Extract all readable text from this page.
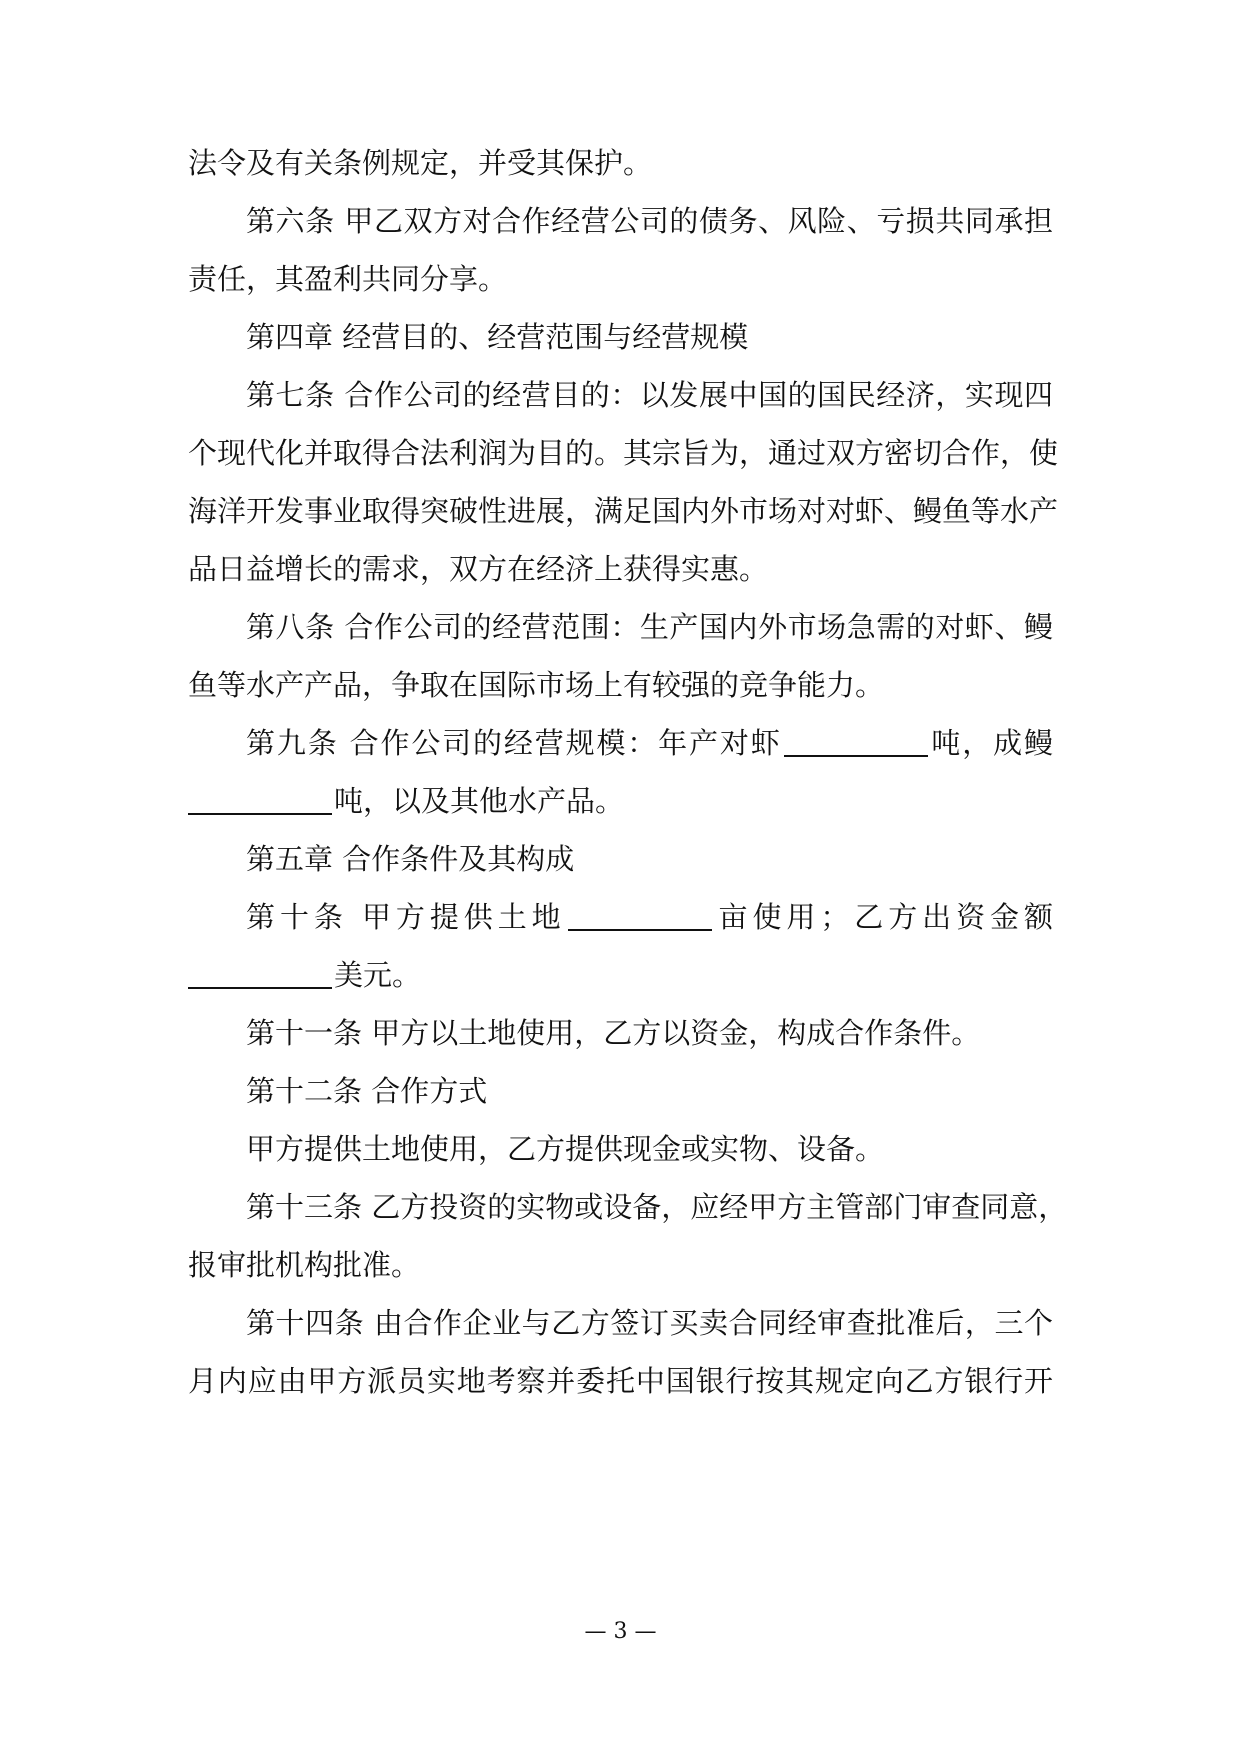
法令及有关条例规定，并受其保护。
第六条 甲乙双方对合作经营公司的债务、风险、亏损共同承担
责任，其盈利共同分享。
第四章 经营目的、经营范围与经营规模
第七条 合作公司的经营目的：以发展中国的国民经济，实现四
个现代化并取得合法利润为目的。其宗旨为，通过双方密切合作，使
海洋开发事业取得突破性进展，满足国内外市场对对虾、鳗鱼等水产
品日益增长的需求，双方在经济上获得实惠。
第八条 合作公司的经营范围：生产国内外市场急需的对虾、鳗
鱼等水产产品，争取在国际市场上有较强的竞争能力。
第九条 合作公司的经营规模：年产对虾	吨，成鳗
吨，以及其他水产品。
第五章 合作条件及其构成
第十条 甲方提供土地	亩使用；乙方出资金额
美元。
第十一条 甲方以土地使用，乙方以资金，构成合作条件。
第十二条 合作方式
甲方提供土地使用，乙方提供现金或实物、设备。
第十三条 乙方投资的实物或设备，应经甲方主管部门审查同意，
报审批机构批准。
第十四条 由合作企业与乙方签订买卖合同经审查批准后，三个
月内应由甲方派员实地考察并委托中国银行按其规定向乙方银行开
— 3 —
